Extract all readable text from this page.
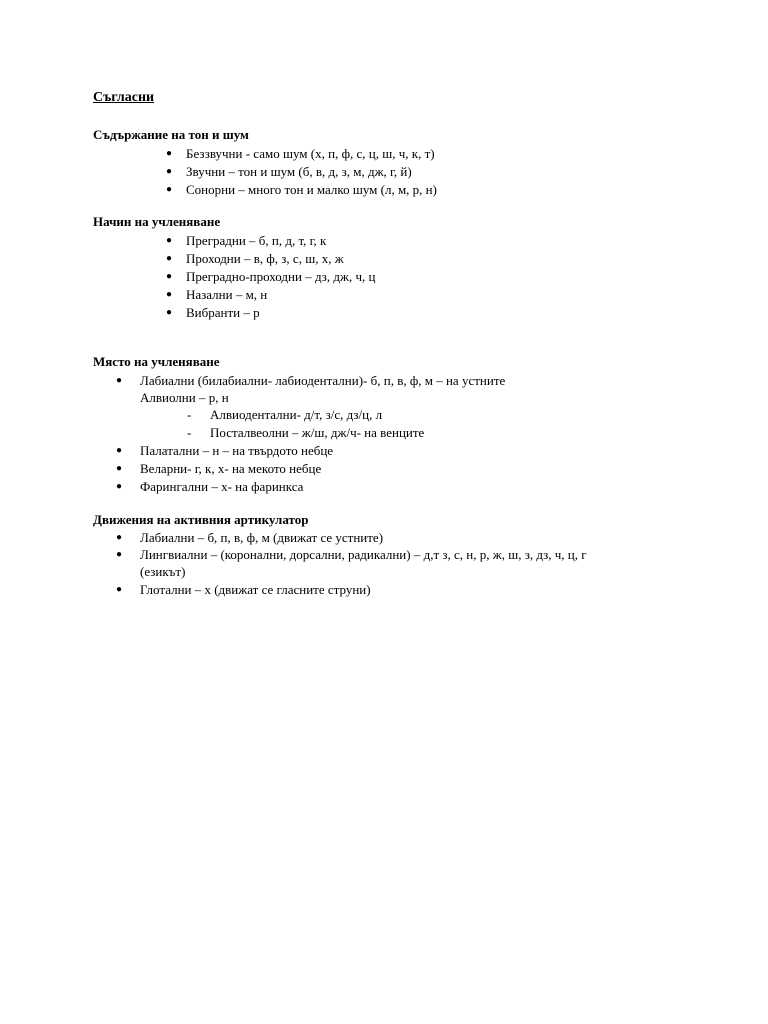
Съгласни
Съдържание на тон и шум
● Беззвучни - само шум (х, п, ф, с, ц, ш, ч, к, т)
● Звучни – тон и шум (б, в, д, з, м, дж, г, й)
● Сонорни – много тон и малко шум (л, м, р, н)
Начин на учленяване
● Преградни – б, п, д, т, г, к
● Проходни – в, ф, з, с, ш, х, ж
● Преградно-проходни – дз, дж, ч, ц
● Назални – м, н
● Вибранти – р
Място на учленяване
● Лабиални (билабиални- лабиодентални)- б, п, в, ф, м – на устните
Алвиолни – р, н
- Алвиодентални- д/т, з/с, дз/ц, л
- Посталвеолни – ж/ш, дж/ч- на венците
● Палатални – н – на твърдото небце
● Веларни- г, к, х- на мекото небце
● Фарингални – х- на фаринкса
Движения на активния артикулатор
● Лабиални – б, п, в, ф, м (движат се устните)
● Лингвиални – (коронални, дорсални, радикални) – д,т з, с, н, р, ж, ш, з, дз, ч, ц, г
(езикът)
● Глотални – х (движат се гласните струни)
